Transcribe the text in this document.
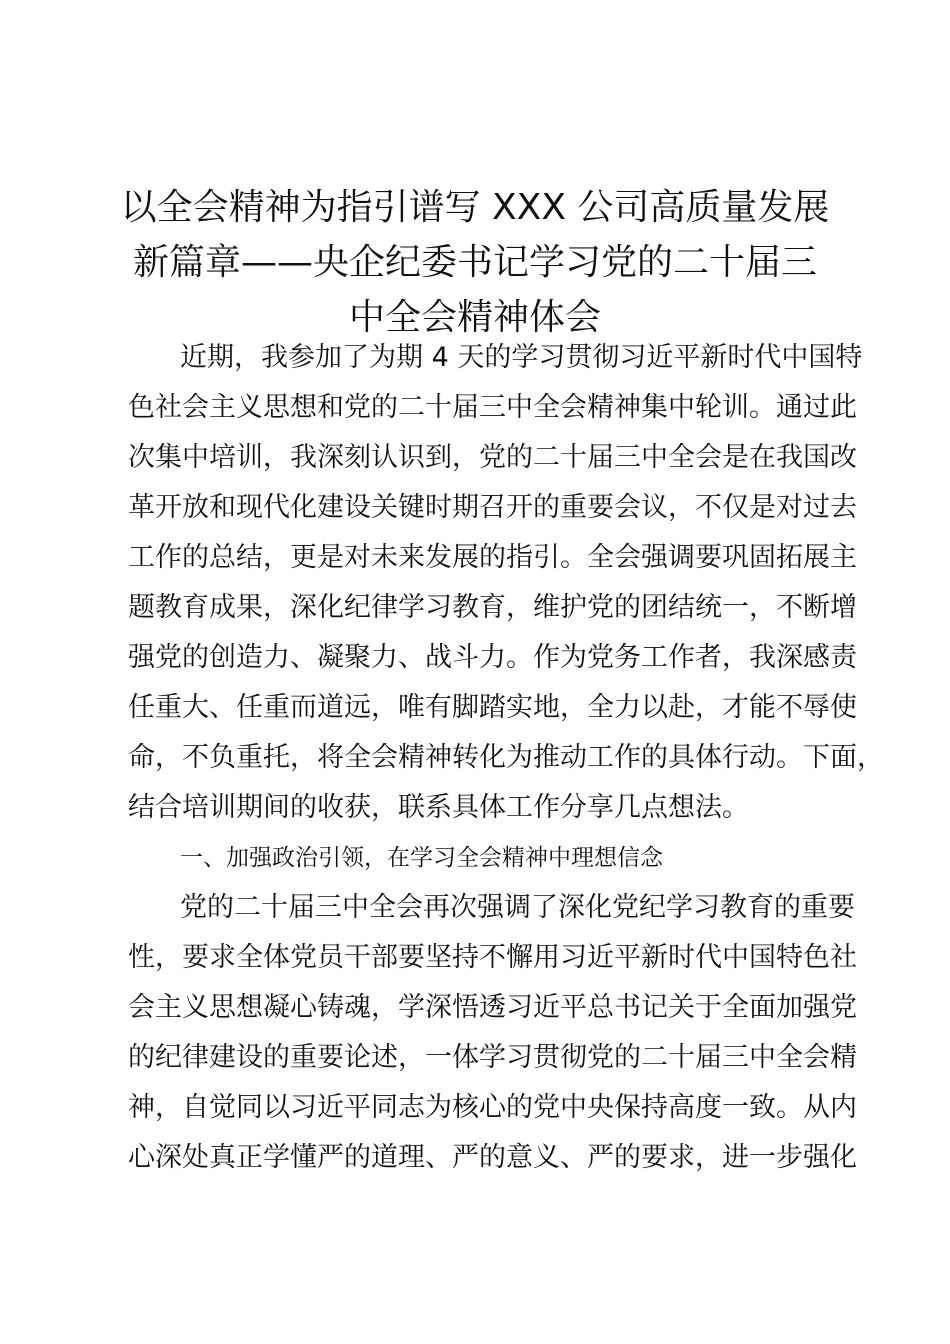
以全会精神为指引谱写 XXX 公司高质量发展
新篇章——央企纪委书记学习党的二十届三
中全会精神体会
近期，我参加了为期 4 天的学习贯彻习近平新时代中国特
色社会主义思想和党的二十届三中全会精神集中轮训。通过此
次集中培训，我深刻认识到，党的二十届三中全会是在我国改
革开放和现代化建设关键时期召开的重要会议，不仅是对过去
工作的总结，更是对未来发展的指引。全会强调要巩固拓展主
题教育成果，深化纪律学习教育，维护党的团结统一，不断增
强党的创造力、凝聚力、战斗力。作为党务工作者，我深感责
任重大、任重而道远，唯有脚踏实地，全力以赴，才能不辱使
命，不负重托，将全会精神转化为推动工作的具体行动。下面，
结合培训期间的收获，联系具体工作分享几点想法。
一、加强政治引领，在学习全会精神中理想信念
党的二十届三中全会再次强调了深化党纪学习教育的重要
性，要求全体党员干部要坚持不懈用习近平新时代中国特色社
会主义思想凝心铸魂，学深悟透习近平总书记关于全面加强党
的纪律建设的重要论述，一体学习贯彻党的二十届三中全会精
神，自觉同以习近平同志为核心的党中央保持高度一致。从内
心深处真正学懂严的道理、严的意义、严的要求，进一步强化
